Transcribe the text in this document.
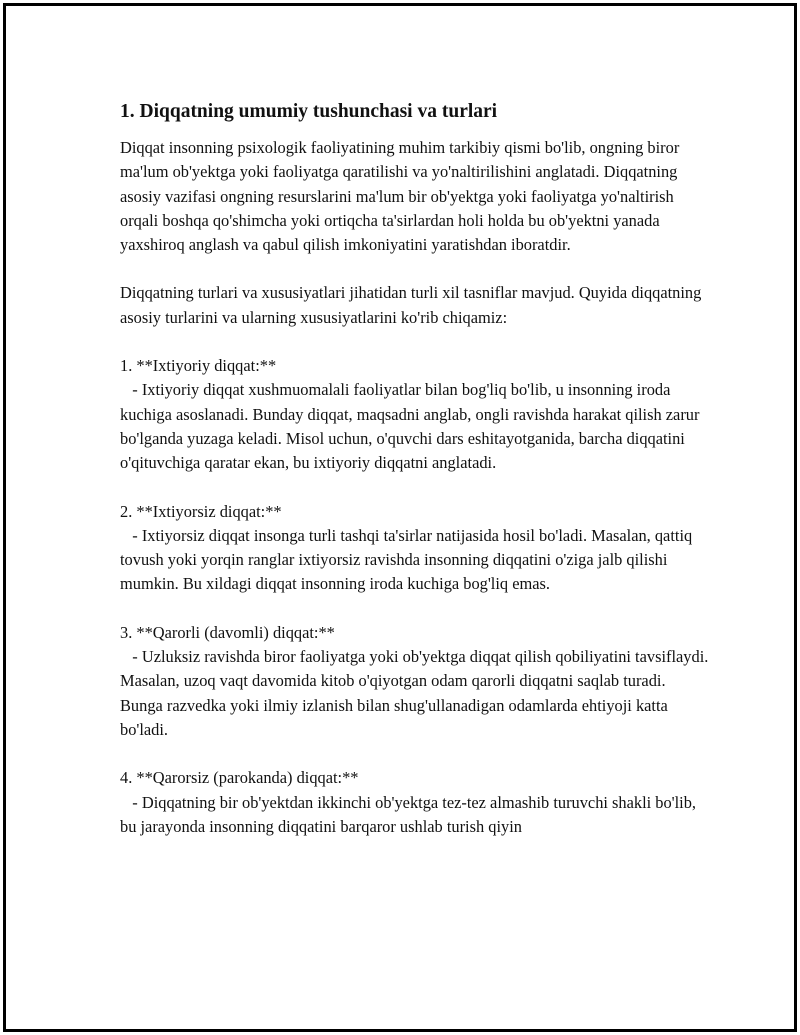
1. Diqqatning umumiy tushunchasi va turlari
Diqqat insonning psixologik faoliyatining muhim tarkibiy qismi bo'lib, ongning biror ma'lum ob'yektga yoki faoliyatga qaratilishi va yo'naltirilishini anglatadi. Diqqatning asosiy vazifasi ongning resurslarini ma'lum bir ob'yektga yoki faoliyatga yo'naltirish orqali boshqa qo'shimcha yoki ortiqcha ta'sirlardan holi holda bu ob'yektni yanada yaxshiroq anglash va qabul qilish imkoniyatini yaratishdan iboratdir.
Diqqatning turlari va xususiyatlari jihatidan turli xil tasniflar mavjud. Quyida diqqatning asosiy turlarini va ularning xususiyatlarini ko'rib chiqamiz:
1. **Ixtiyoriy diqqat:**
- Ixtiyoriy diqqat xushmuomalali faoliyatlar bilan bog'liq bo'lib, u insonning iroda kuchiga asoslanadi. Bunday diqqat, maqsadni anglab, ongli ravishda harakat qilish zarur bo'lganda yuzaga keladi. Misol uchun, o'quvchi dars eshitayotganida, barcha diqqatini o'qituvchiga qaratar ekan, bu ixtiyoriy diqqatni anglatadi.
2. **Ixtiyorsiz diqqat:**
- Ixtiyorsiz diqqat insonga turli tashqi ta'sirlar natijasida hosil bo'ladi. Masalan, qattiq tovush yoki yorqin ranglar ixtiyorsiz ravishda insonning diqqatini o'ziga jalb qilishi mumkin. Bu xildagi diqqat insonning iroda kuchiga bog'liq emas.
3. **Qarorli (davomli) diqqat:**
- Uzluksiz ravishda biror faoliyatga yoki ob'yektga diqqat qilish qobiliyatini tavsiflaydi. Masalan, uzoq vaqt davomida kitob o'qiyotgan odam qarorli diqqatni saqlab turadi. Bunga razvedka yoki ilmiy izlanish bilan shug'ullanadigan odamlarda ehtiyoji katta bo'ladi.
4. **Qarorsiz (parokanda) diqqat:**
- Diqqatning bir ob'yektdan ikkinchi ob'yektga tez-tez almashib turuvchi shakli bo'lib, bu jarayonda insonning diqqatini barqaror ushlab turish qiyin
